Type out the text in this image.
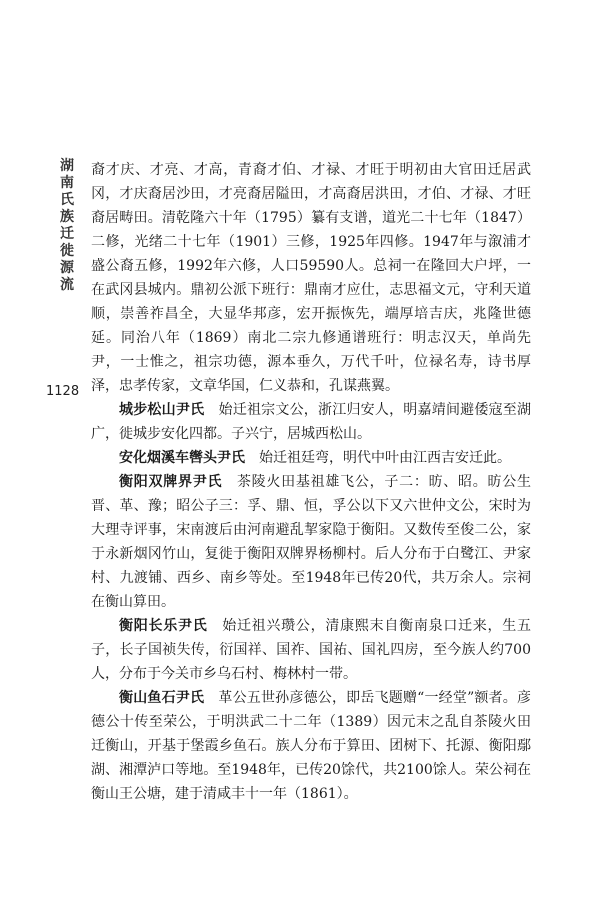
湖南氏族迁徙源流
1128

裔才庆、才亮、才高，青裔才伯、才禄、才旺于明初由大官田迁居武冈，才庆裔居沙田，才亮裔居隘田，才高裔居洪田，才伯、才禄、才旺裔居畴田。清乾隆六十年（1795）纂有支谱，道光二十七年（1847）二修，光绪二十七年（1901）三修，1925年四修。1947年与溆浦才盛公裔五修，1992年六修，人口59590人。总祠一在隆回大户坪，一在武冈县城内。鼎初公派下班行：鼎南才应仕，志思福文元，守利天道顺，崇善祚昌全，大显华邦彦，宏开振恢先，端厚培吉庆，兆隆世德延。同治八年（1869）南北二宗九修通谱班行：明志汉天，单尚先尹，一士惟之，祖宗功德，源本垂久，万代千叶，位禄名寿，诗书厚泽，忠孝传家，文章华国，仁义恭和，孔谋燕翼。

城步松山尹氏　 始迁祖宗文公，浙江归安人，明嘉靖间避倭寇至湖广，徙城步安化四都。子兴宁，居城西松山。

安化烟溪车辔头尹氏　 始迁祖廷弯，明代中叶由江西吉安迁此。

衡阳双牌界尹氏　 茶陵火田基祖雄飞公，子二：昉、昭。昉公生晋、革、豫；昭公子三：孚、鼎、恒，孚公以下又六世仲文公，宋时为大理寺评事，宋南渡后由河南避乱挈家隐于衡阳。又数传至俊二公，家于永新烟冈竹山，复徙于衡阳双牌界杨柳村。后人分布于白鹭江、尹家村、九渡铺、西乡、南乡等处。至1948年已传20代，共万余人。宗祠在衡山算田。

衡阳长乐尹氏　 始迁祖兴瓒公，清康熙末自衡南泉口迁来，生五子，长子国祯失传，衍国祥、国祚、国祐、国礼四房，至今族人约700人，分布于今关市乡乌石村、梅林村一带。

衡山鱼石尹氏　 革公五世孙彦德公，即岳飞题赠“一经堂”额者。彦德公十传至荣公，于明洪武二十二年（1389）因元末之乱自茶陵火田迁衡山，开基于堡霞乡鱼石。族人分布于算田、团树下、托源、衡阳鄢湖、湘潭泸口等地。至1948年，已传20馀代，共2100馀人。荣公祠在衡山王公塘，建于清咸丰十一年（1861）。
